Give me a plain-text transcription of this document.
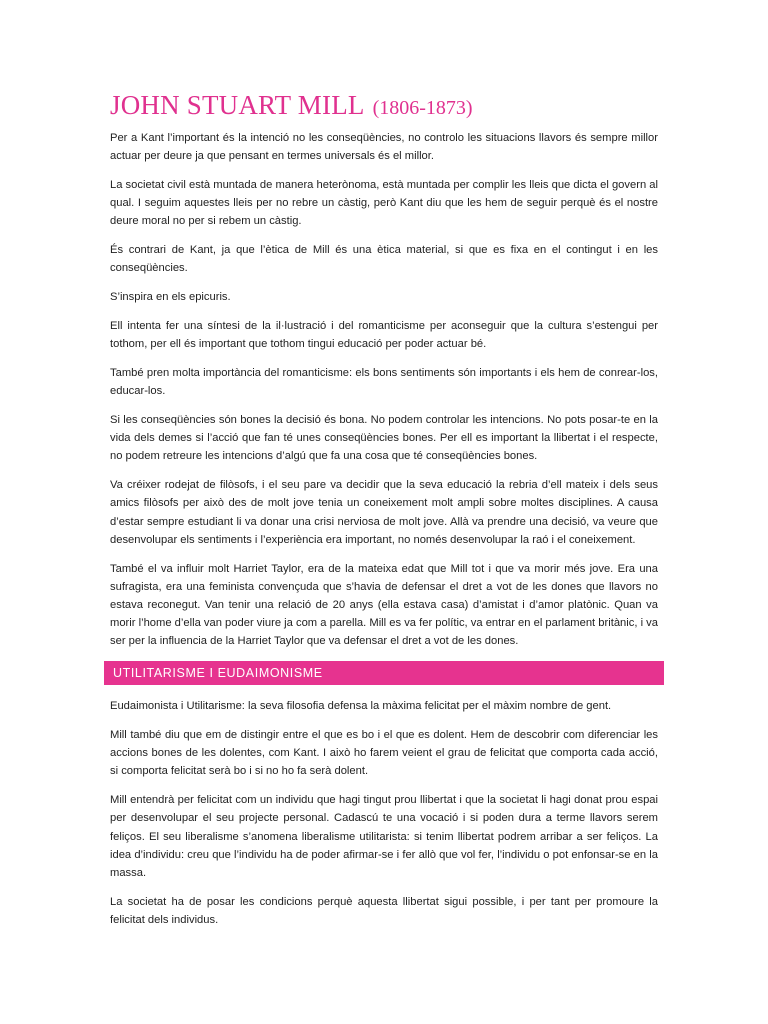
JOHN STUART MILL (1806-1873)

Per a Kant l’important és la intenció no les conseqüències, no controlo les situacions llavors és sempre millor actuar per deure ja que pensant en termes universals és el millor.

La societat civil està muntada de manera heterònoma, està muntada per complir les lleis que dicta el govern al qual. I seguim aquestes lleis per no rebre un càstig, però Kant diu que les hem de seguir perquè és el nostre deure moral no per si rebem un càstig.

És contrari de Kant, ja que l’ètica de Mill és una ètica material, si que es fixa en el contingut i en les conseqüències.

S’inspira en els epicuris.

Ell intenta fer una síntesi de la il·lustració i del romanticisme per aconseguir que la cultura s’estengui per tothom, per ell és important que tothom tingui educació per poder actuar bé.

També pren molta importància del romanticisme: els bons sentiments són importants i els hem de conrear-los, educar-los.

Si les conseqüències són bones la decisió és bona. No podem controlar les intencions. No pots posar-te en la vida dels demes si l’acció que fan té unes conseqüències bones. Per ell es important la llibertat i el respecte, no podem retreure les intencions d’algú que fa una cosa que té conseqüències bones.

Va créixer rodejat de filòsofs, i el seu pare va decidir que la seva educació la rebria d’ell mateix i dels seus amics filòsofs per això des de molt jove tenia un coneixement molt ampli sobre moltes disciplines. A causa d’estar sempre estudiant li va donar una crisi nerviosa de molt jove. Allà va prendre una decisió, va veure que desenvolupar els sentiments i l’experiència era important, no només desenvolupar la raó i el coneixement.

També el va influir molt Harriet Taylor, era de la mateixa edat que Mill tot i que va morir més jove. Era una sufragista, era una feminista convençuda que s’havia de defensar el dret a vot de les dones que llavors no estava reconegut. Van tenir una relació de 20 anys (ella estava casa) d’amistat i d’amor platònic. Quan va morir l’home d’ella van poder viure ja com a parella. Mill es va fer polític, va entrar en el parlament britànic, i va ser per la influencia de la Harriet Taylor que va defensar el dret a vot de les dones.

UTILITARISME I EUDAIMONISME

Eudaimonista i Utilitarisme: la seva filosofia defensa la màxima felicitat per el màxim nombre de gent.

Mill també diu que em de distingir entre el que es bo i el que es dolent. Hem de descobrir com diferenciar les accions bones de les dolentes, com Kant. I això ho farem veient el grau de felicitat que comporta cada acció, si comporta felicitat serà bo i si no ho fa serà dolent.

Mill entendrà per felicitat com un individu que hagi tingut prou llibertat i que la societat li hagi donat prou espai per desenvolupar el seu projecte personal. Cadascú te una vocació i si poden dura a terme llavors serem feliços. El seu liberalisme s’anomena liberalisme utilitarista: si tenim llibertat podrem arribar a ser feliços. La idea d’individu: creu que l’individu ha de poder afirmar-se i fer allò que vol fer, l’individu o pot enfonsar-se en la massa.

La societat ha de posar les condicions perquè aquesta llibertat sigui possible, i per tant per promoure la felicitat dels individus.
